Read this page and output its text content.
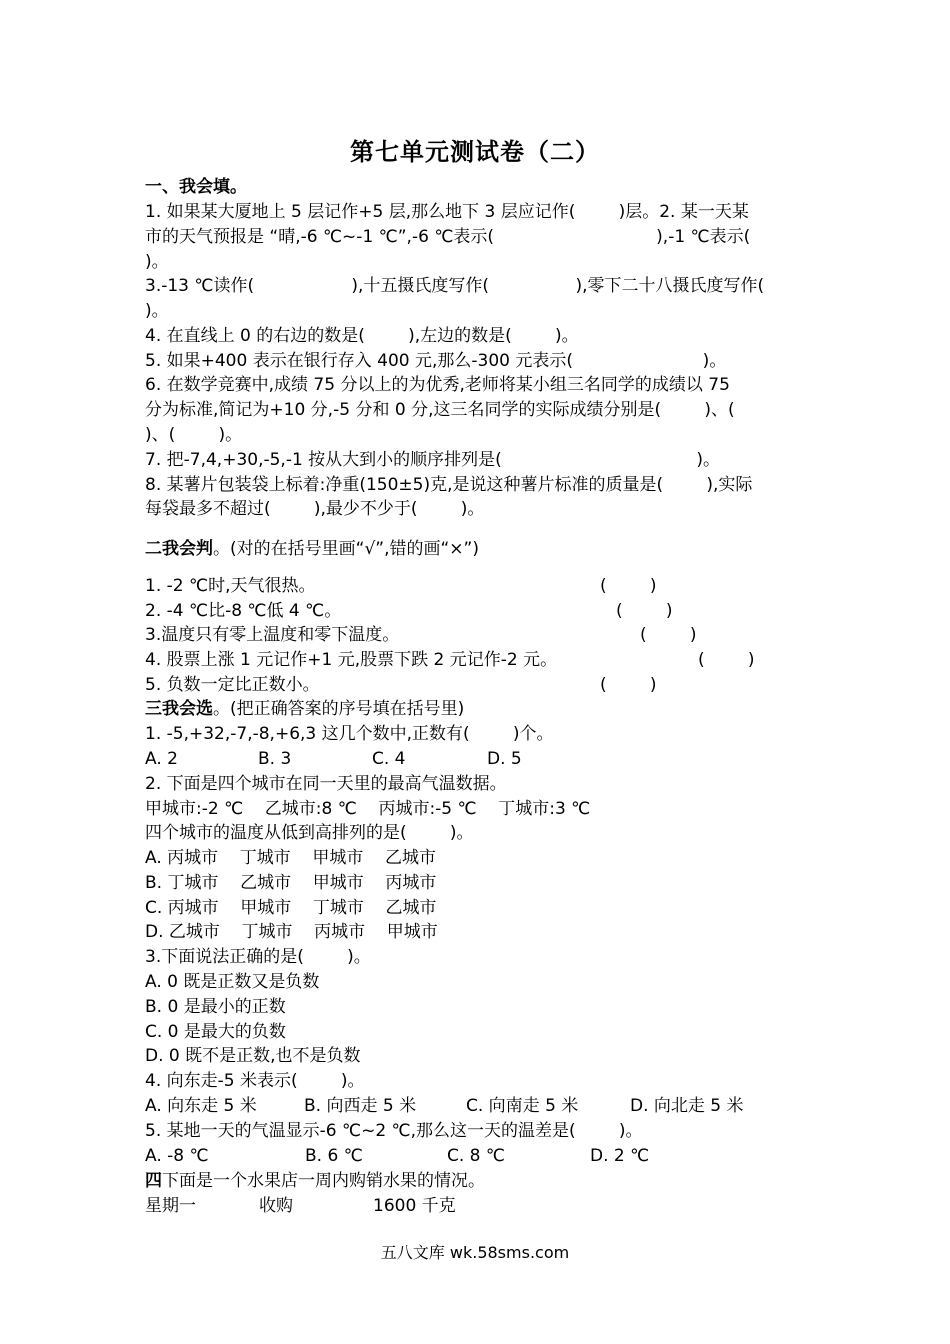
第七单元测试卷（二）
一、我会填。
1. 如果某大厦地上 5 层记作+5 层,那么地下 3 层应记作(        )层。2. 某一天某
市的天气预报是 “晴,-6 ℃~-1 ℃”,-6 ℃表示(                              ),-1 ℃表示(
)。
3.-13 ℃读作(                  ),十五摄氏度写作(                ),零下二十八摄氏度写作(
)。
4. 在直线上 0 的右边的数是(        ),左边的数是(        )。
5. 如果+400 表示在银行存入 400 元,那么-300 元表示(                        )。
6. 在数学竞赛中,成绩 75 分以上的为优秀,老师将某小组三名同学的成绩以 75
分为标准,简记为+10 分,-5 分和 0 分,这三名同学的实际成绩分别是(        )、(
)、(        )。
7. 把-7,4,+30,-5,-1 按从大到小的顺序排列是(                                    )。
8. 某薯片包装袋上标着:净重(150±5)克,是说这种薯片标准的质量是(        ),实际
每袋最多不超过(        ),最少不少于(        )。
二我会判。(对的在括号里画“√”,错的画“×”)
1. -2 ℃时,天气很热。	(        )
2. -4 ℃比-8 ℃低 4 ℃。	(        )
3.温度只有零上温度和零下温度。	(        )
4. 股票上涨 1 元记作+1 元,股票下跌 2 元记作-2 元。	(        )
5. 负数一定比正数小。	(        )
三我会选。(把正确答案的序号填在括号里)
1. -5,+32,-7,-8,+6,3 这几个数中,正数有(        )个。
A. 2	B. 3	C. 4	D. 5
2. 下面是四个城市在同一天里的最高气温数据。
甲城市:-2 ℃    乙城市:8 ℃    丙城市:-5 ℃    丁城市:3 ℃
四个城市的温度从低到高排列的是(        )。
A. 丙城市    丁城市    甲城市    乙城市
B. 丁城市    乙城市    甲城市    丙城市
C. 丙城市    甲城市    丁城市    乙城市
D. 乙城市    丁城市    丙城市    甲城市
3.下面说法正确的是(        )。
A. 0 既是正数又是负数
B. 0 是最小的正数
C. 0 是最大的负数
D. 0 既不是正数,也不是负数
4. 向东走-5 米表示(        )。
A. 向东走 5 米	B. 向西走 5 米	C. 向南走 5 米	D. 向北走 5 米
5. 某地一天的气温显示-6 ℃~2 ℃,那么这一天的温差是(        )。
A. -8 ℃	B. 6 ℃	C. 8 ℃	D. 2 ℃
四下面是一个水果店一周内购销水果的情况。
星期一	收购	1600 千克
五八文库 wk.58sms.com
